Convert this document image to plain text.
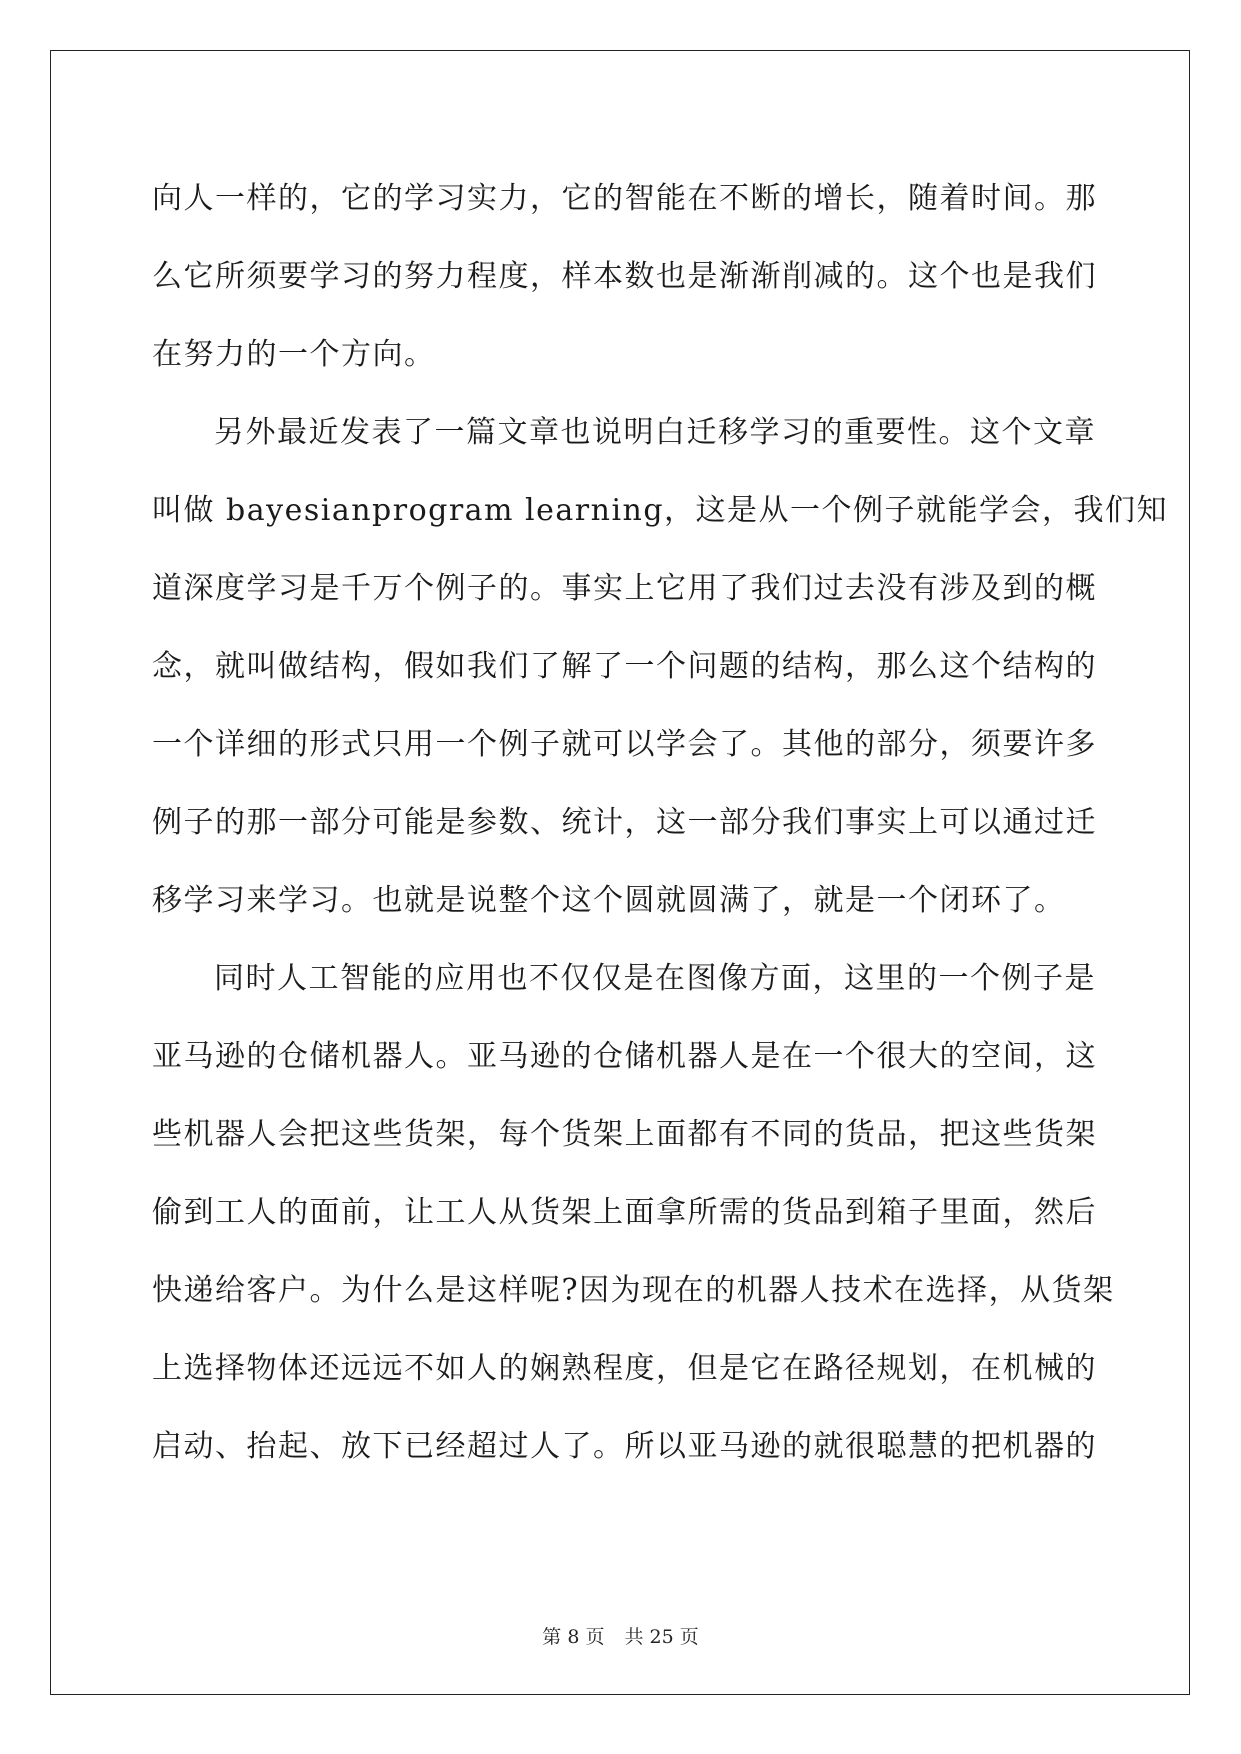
向人一样的，它的学习实力，它的智能在不断的增长，随着时间。那
么它所须要学习的努力程度，样本数也是渐渐削减的。这个也是我们
在努力的一个方向。
另外最近发表了一篇文章也说明白迁移学习的重要性。这个文章
叫做 bayesianprogram learning，这是从一个例子就能学会，我们知
道深度学习是千万个例子的。事实上它用了我们过去没有涉及到的概
念，就叫做结构，假如我们了解了一个问题的结构，那么这个结构的
一个详细的形式只用一个例子就可以学会了。其他的部分，须要许多
例子的那一部分可能是参数、统计，这一部分我们事实上可以通过迁
移学习来学习。也就是说整个这个圆就圆满了，就是一个闭环了。
同时人工智能的应用也不仅仅是在图像方面，这里的一个例子是
亚马逊的仓储机器人。亚马逊的仓储机器人是在一个很大的空间，这
些机器人会把这些货架，每个货架上面都有不同的货品，把这些货架
偷到工人的面前，让工人从货架上面拿所需的货品到箱子里面，然后
快递给客户。为什么是这样呢?因为现在的机器人技术在选择，从货架
上选择物体还远远不如人的娴熟程度，但是它在路径规划，在机械的
启动、抬起、放下已经超过人了。所以亚马逊的就很聪慧的把机器的
第 8 页 共 25 页
